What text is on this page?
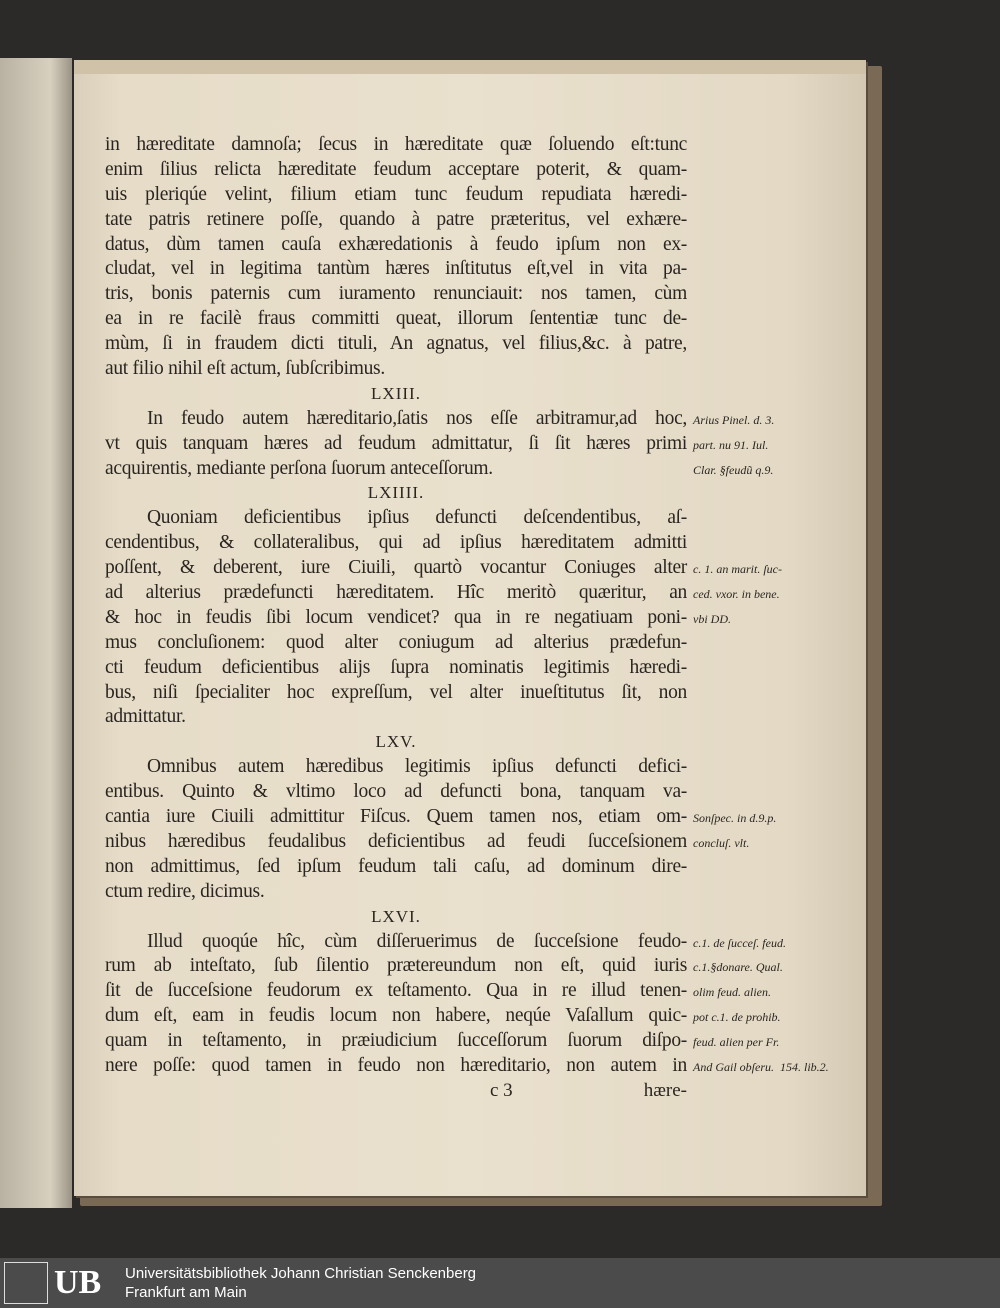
in hæreditate damnoſa; ſecus in hæreditate quæ ſoluendo eſt:tunc
enim ſilius relicta hæreditate feudum acceptare poterit, & quam-
uis pleriqúe velint, filium etiam tunc feudum repudiata hæredi-
tate patris retinere poſſe, quando à patre præteritus, vel exhære-
datus, dùm tamen cauſa exhæredationis à feudo ipſum non ex-
cludat, vel in legitima tantùm hæres inſtitutus eſt,vel in vita pa-
tris, bonis paternis cum iuramento renunciauit: nos tamen, cùm
ea in re facilè fraus committi queat, illorum ſententiæ tunc de-
mùm, ſi in fraudem dicti tituli, An agnatus, vel filius,&c. à patre,
aut filio nihil eſt actum, ſubſcribimus.
LXIII.
In feudo autem hæreditario,ſatis nos eſſe arbitramur,ad hoc, Arius Pinel. d. 3.
vt quis tanquam hæres ad feudum admittatur, ſi ſit hæres primi part. nu 91. Iul.
acquirentis, mediante perſona ſuorum anteceſſorum.	Clar. §feudũ q.9.
LXIIII.
Quoniam deficientibus ipſius defuncti deſcendentibus, aſ-
cendentibus, & collateralibus, qui ad ipſius hæreditatem admitti
poſſent, & deberent, iure Ciuili, quartò vocantur Coniuges alter c. 1. an marit. ſuc-
ad alterius prædefuncti hæreditatem. Hîc meritò quæritur, an ced. vxor. in bene.
& hoc in feudis ſibi locum vendicet? qua in re negatiuam poni- vbi DD.
mus concluſionem: quod alter coniugum ad alterius prædefun-
cti feudum deficientibus alijs ſupra nominatis legitimis hæredi-
bus, niſi ſpecialiter hoc expreſſum, vel alter inueſtitutus ſit, non
admittatur.
LXV.
Omnibus autem hæredibus legitimis ipſius defuncti defici-
entibus. Quinto & vltimo loco ad defuncti bona, tanquam va-
cantia iure Ciuili admittitur Fiſcus. Quem tamen nos, etiam om- Sonſpec. in d.9.p.
nibus hæredibus feudalibus deficientibus ad feudi ſucceſsionem concluſ. vlt.
non admittimus, ſed ipſum feudum tali caſu, ad dominum dire-
ctum redire, dicimus.
LXVI.
Illud quoqúe hîc, cùm diſſeruerimus de ſucceſsione feudo- c.1. de ſucceſ. feud.
rum ab inteſtato, ſub ſilentio prætereundum non eſt, quid iuris c.1.§donare. Qual.
ſit de ſucceſsione feudorum ex teſtamento. Qua in re illud tenen- olim feud. alien.
dum eſt, eam in feudis locum non habere, neqúe Vaſallum quic- pot c.1. de prohib.
quam in teſtamento, in præiudicium ſucceſſorum ſuorum diſpo- feud. alien per Fr.
nere poſſe: quod tamen in feudo non hæreditario, non autem in And Gail obſeru. 154. lib.2.
c 3	hære-
UB Universitätsbibliothek Johann Christian Senckenberg
Frankfurt am Main
